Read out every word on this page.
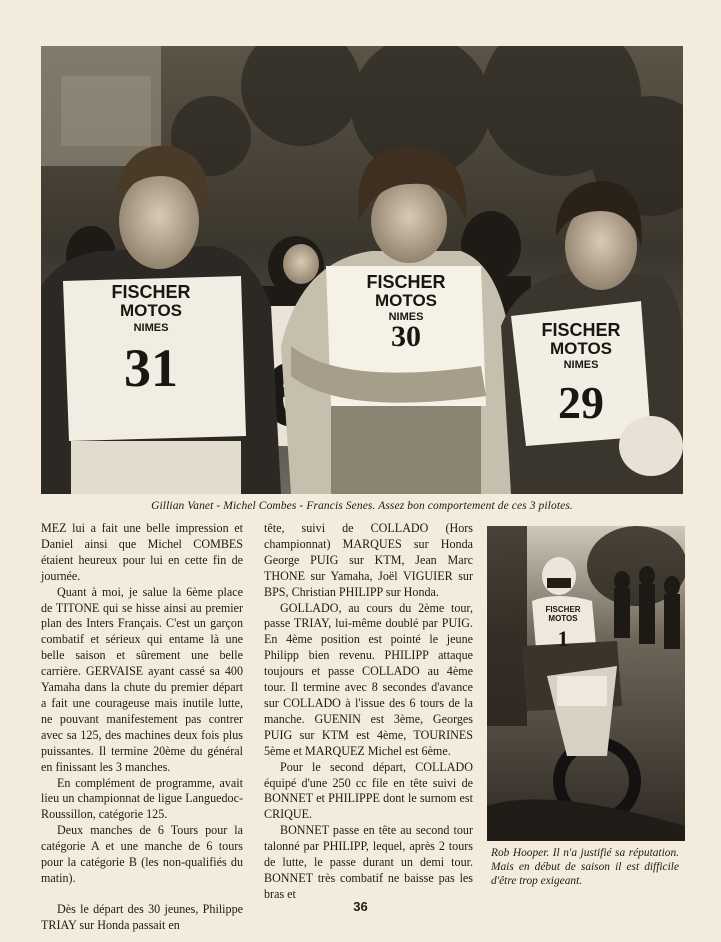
FISCHER
MOTOS
NIMES
31
FISCHER
MOTOS
NIMES
30	FISCHER
MOTOS
NIMES
29
Gillian Vanet - Michel Combes - Francis Senes. Assez bon comportement de ces 3 pilotes.

MEZ lui a fait une belle impression et Daniel ainsi que Michel COMBES étaient heureux pour lui en cette fin de journée.

Quant à moi, je salue la 6ème place de TITONE qui se hisse ainsi au premier plan des Inters Français. C'est un garçon combatif et sérieux qui entame là une belle saison et sûrement une belle carrière. GERVAISE ayant cassé sa 400 Yamaha dans la chute du premier départ a fait une courageuse mais inutile lutte, ne pouvant manifestement pas contrer avec sa 125, des machines deux fois plus puissantes. Il termine 20ème du général en finissant les 3 manches.

En complément de programme, avait lieu un championnat de ligue Languedoc-Roussillon, catégorie 125.

Deux manches de 6 Tours pour la catégorie A et une manche de 6 tours pour la catégorie B (les non-qualifiés du matin).

Dès le départ des 30 jeunes, Philippe TRIAY sur Honda passait en

tête, suivi de COLLADO (Hors championnat) MARQUES sur Honda George PUIG sur KTM, Jean Marc THONE sur Yamaha, Joël VIGUIER sur BPS, Christian PHILIPP sur Honda.

GOLLADO, au cours du 2ème tour, passe TRIAY, lui-même doublé par PUIG. En 4ème position est pointé le jeune Philipp bien revenu. PHILIPP attaque toujours et passe COLLADO au 4ème tour. Il termine avec 8 secondes d'avance sur COLLADO à l'issue des 6 tours de la manche. GUENIN est 3ème, Georges PUIG sur KTM est 4ème, TOURINES 5ème et MARQUEZ Michel est 6ème.

Pour le second départ, COLLADO équipé d'une 250 cc file en tête suivi de BONNET et PHILIPPE dont le surnom est CRIQUE.

BONNET passe en tête au second tour talonné par PHILIPP, lequel, après 2 tours de lutte, le passe durant un demi tour. BONNET très combatif ne baisse pas les bras et

FISCHER
MOTOS
1
Rob Hooper. Il n'a justifié sa réputation. Mais en début de saison il est difficile d'être trop exigeant.
36
